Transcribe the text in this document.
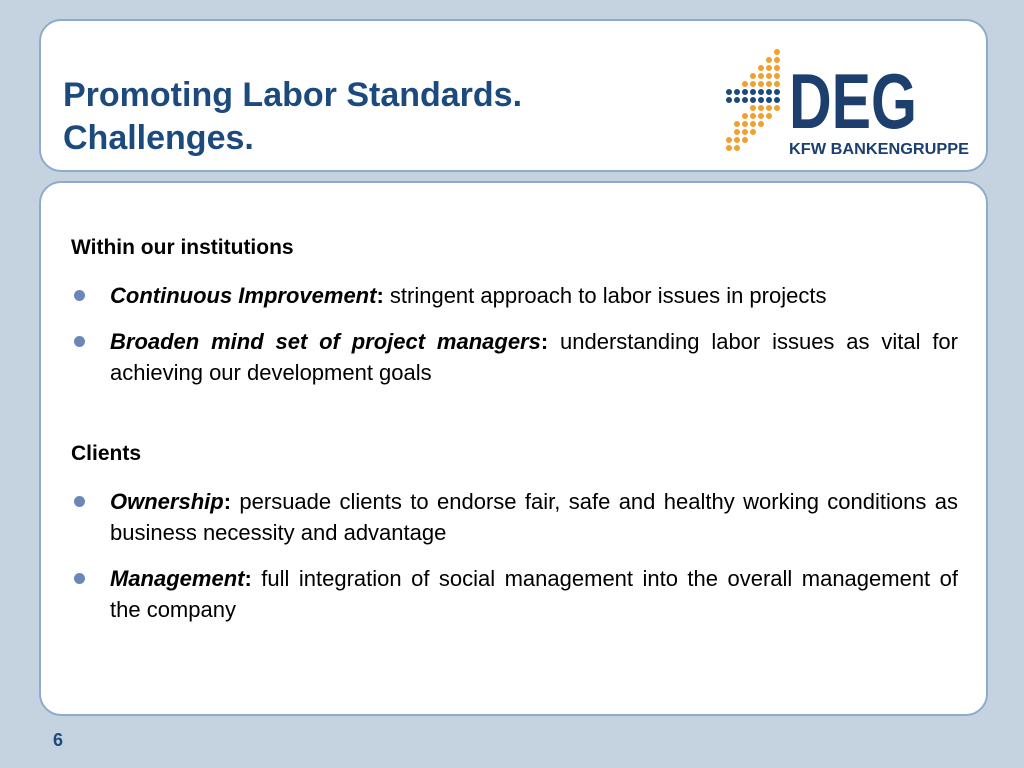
Promoting Labor Standards.
Challenges.	DEG
KFW BANKENGRUPPE

Within our institutions

Continuous Improvement: stringent approach to labor issues in projects
Broaden mind set of project managers: understanding labor issues as vital for achieving our development goals

Clients

Ownership: persuade clients to endorse fair, safe and healthy working conditions as business necessity and advantage
Management: full integration of social management into the overall management of the company
6
